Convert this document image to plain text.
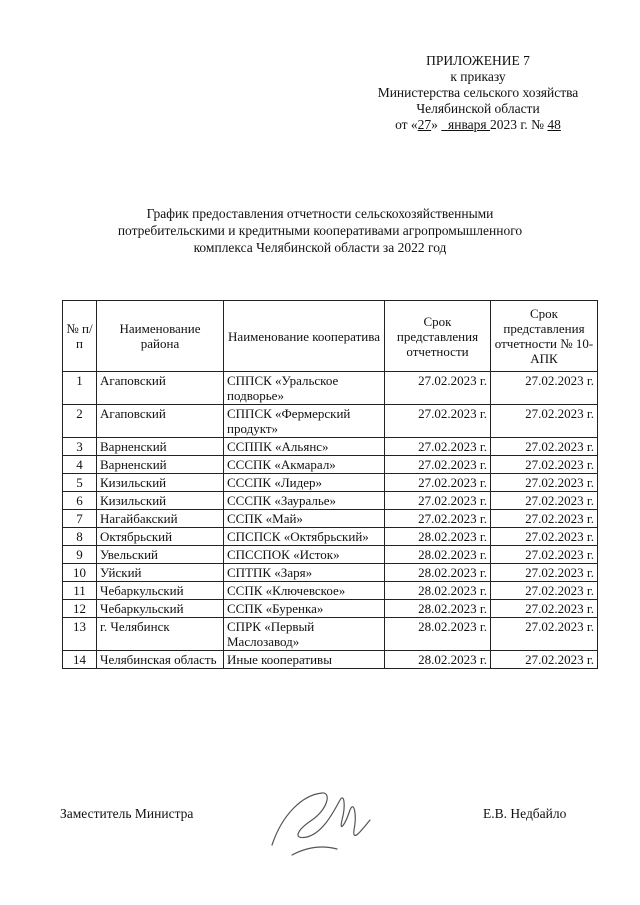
ПРИЛОЖЕНИЕ 7
к приказу
Министерства сельского хозяйства
Челябинской области
от «27»   января 2023 г. № 48
График предоставления отчетности сельскохозяйственными
потребительскими и кредитными кооперативами агропромышленного
комплекса Челябинской области за 2022 год
№ п/п	Наименование района	Наименование кооператива	Срок представления отчетности	Срок представления отчетности № 10-АПК
1	Агаповский	СППСК «Уральское подворье»	27.02.2023 г.	27.02.2023 г.
2	Агаповский	СППСК «Фермерский продукт»	27.02.2023 г.	27.02.2023 г.
3	Варненский	ССППК «Альянс»	27.02.2023 г.	27.02.2023 г.
4	Варненский	СССПК «Акмарал»	27.02.2023 г.	27.02.2023 г.
5	Кизильский	СССПК «Лидер»	27.02.2023 г.	27.02.2023 г.
6	Кизильский	СССПК «Зауралье»	27.02.2023 г.	27.02.2023 г.
7	Нагайбакский	ССПК «Май»	27.02.2023 г.	27.02.2023 г.
8	Октябрьский	СПСПСК «Октябрьский»	28.02.2023 г.	27.02.2023 г.
9	Увельский	СПССПОК «Исток»	28.02.2023 г.	27.02.2023 г.
10	Уйский	СПТПК «Заря»	28.02.2023 г.	27.02.2023 г.
11	Чебаркульский	ССПК «Ключевское»	28.02.2023 г.	27.02.2023 г.
12	Чебаркульский	ССПК «Буренка»	28.02.2023 г.	27.02.2023 г.
13	г. Челябинск	СПРК «Первый Маслозавод»	28.02.2023 г.	27.02.2023 г.
14	Челябинская область	Иные кооперативы	28.02.2023 г.	27.02.2023 г.
Заместитель Министра	Е.В. Недбайло
